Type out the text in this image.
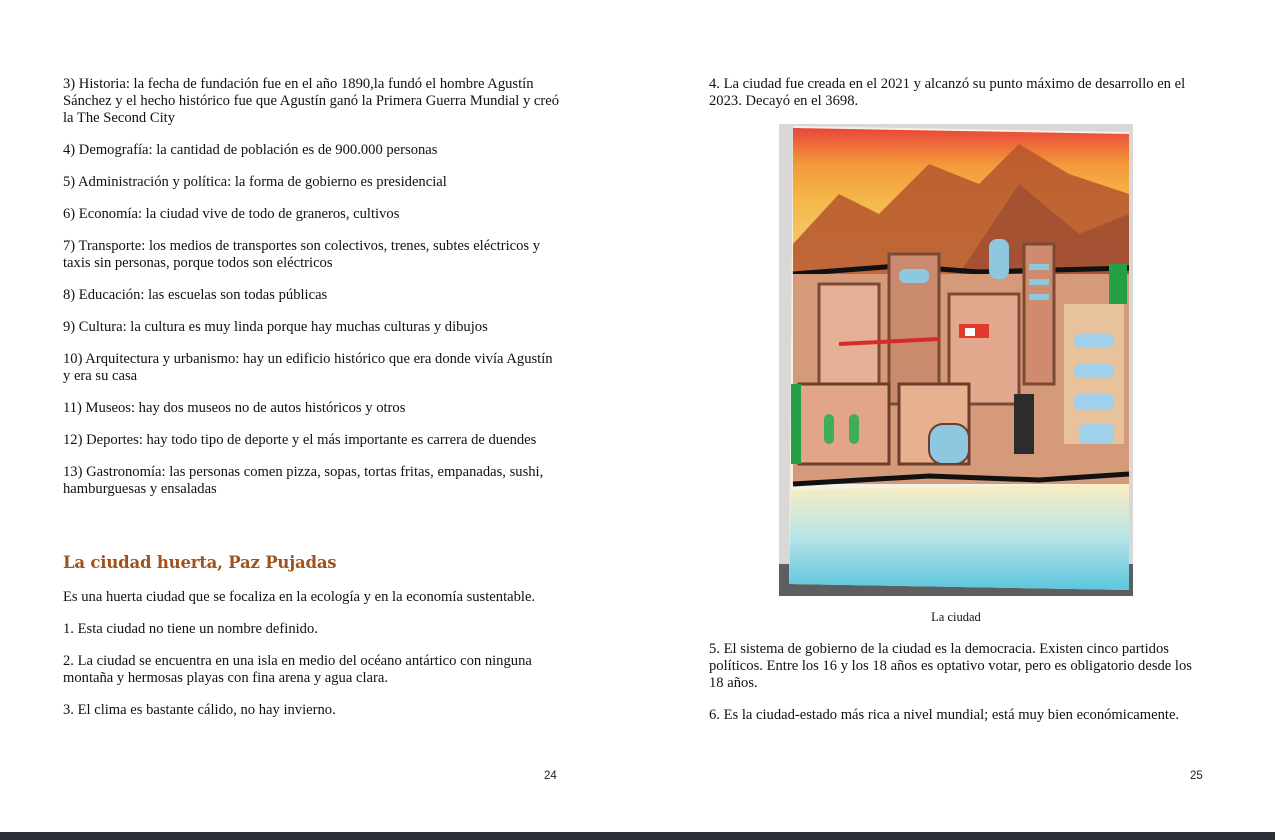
3) Historia: la fecha de fundación fue en el año 1890,la fundó el hombre Agustín Sánchez y el hecho histórico fue que Agustín ganó la Primera Guerra Mundial y creó la The Second City

4) Demografía: la cantidad de población es de 900.000 personas

5) Administración y política: la forma de gobierno es presidencial

6) Economía: la ciudad vive de todo de graneros, cultivos

7) Transporte: los medios de transportes son colectivos, trenes, subtes eléctricos y taxis sin personas, porque todos son eléctricos

8) Educación: las escuelas son todas públicas

9) Cultura: la cultura es muy linda porque hay muchas culturas y dibujos

10) Arquitectura y urbanismo: hay un edificio histórico que era donde vivía Agustín y era su casa

11) Museos: hay dos museos no de autos históricos y otros

12) Deportes: hay todo tipo de deporte y el más importante es carrera de duendes

13) Gastronomía: las personas comen pizza, sopas, tortas fritas, empanadas, sushi, hamburguesas y ensaladas

La ciudad huerta, Paz Pujadas

Es una huerta ciudad que se focaliza en la ecología y en la economía sustentable.

1. Esta ciudad no tiene un nombre definido.

2. La ciudad se encuentra en una isla en medio del océano antártico con ninguna montaña y hermosas playas con fina arena y agua clara.

3. El clima es bastante cálido, no hay invierno.

4. La ciudad fue creada en el 2021 y alcanzó su punto máximo de desarrollo en el 2023. Decayó en el 3698.

La ciudad

5. El sistema de gobierno de la ciudad es la democracia. Existen cinco partidos políticos. Entre los 16 y los 18 años es optativo votar, pero es obligatorio desde los 18 años.

6. Es la ciudad-estado más rica a nivel mundial; está muy bien económicamente.

24	25
